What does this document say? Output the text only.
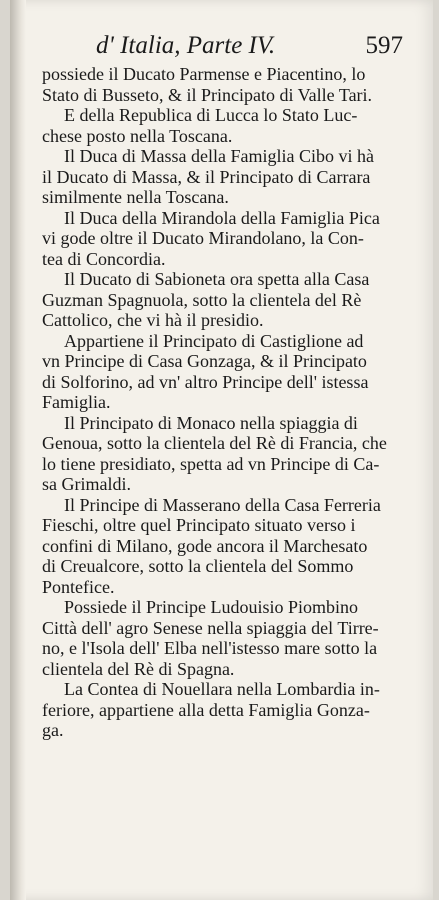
d' Italia, Parte IV.	597
possiede il Ducato Parmense e Piacentino, lo
Stato di Busseto, & il Principato di Valle Tari.
E della Republica di Lucca lo Stato Luc-
chese posto nella Toscana.
Il Duca di Massa della Famiglia Cibo vi hà
il Ducato di Massa, & il Principato di Carrara
similmente nella Toscana.
Il Duca della Mirandola della Famiglia Pica
vi gode oltre il Ducato Mirandolano, la Con-
tea di Concordia.
Il Ducato di Sabioneta ora spetta alla Casa
Guzman Spagnuola, sotto la clientela del Rè
Cattolico, che vi hà il presidio.
Appartiene il Principato di Castiglione ad
vn Principe di Casa Gonzaga, & il Principato
di Solforino, ad vn' altro Principe dell' istessa
Famiglia.
Il Principato di Monaco nella spiaggia di
Genoua, sotto la clientela del Rè di Francia, che
lo tiene presidiato, spetta ad vn Principe di Ca-
sa Grimaldi.
Il Principe di Masserano della Casa Ferreria
Fieschi, oltre quel Principato situato verso i
confini di Milano, gode ancora il Marchesato
di Creualcore, sotto la clientela del Sommo
Pontefice.
Possiede il Principe Ludouisio Piombino
Città dell' agro Senese nella spiaggia del Tirre-
no, e l'Isola dell' Elba nell'istesso mare sotto la
clientela del Rè di Spagna.
La Contea di Nouellara nella Lombardia in-
feriore, appartiene alla detta Famiglia Gonza-
ga.
